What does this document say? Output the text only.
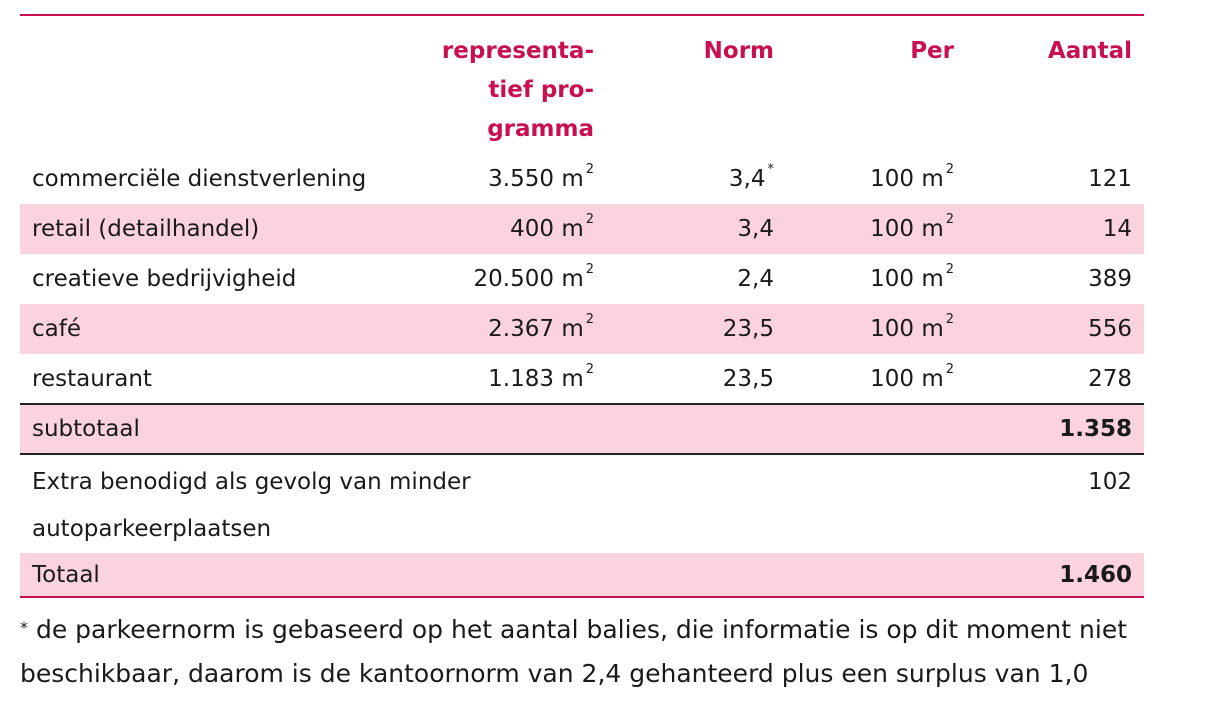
	representa-
tief pro-
gramma	Norm	Per	Aantal
commerciële dienstverlening	3.550 m $^2$	3,4 *	100 m $^2$	121
retail (detailhandel)	400 m $^2$	3,4	100 m $^2$	14
creatieve bedrijvigheid	20.500 m $^2$	2,4	100 m $^2$	389
café	2.367 m $^2$	23,5	100 m $^2$	556
restaurant	1.183 m $^2$	23,5	100 m $^2$	278
subtotaal				1.358
Extra benodigd als gevolg van minder autoparkeerplaatsen				102
Totaal				1.460
* de parkeernorm is gebaseerd op het aantal balies, die informatie is op dit moment niet beschikbaar, daarom is de kantoornorm van 2,4 gehanteerd plus een surplus van 1,0
